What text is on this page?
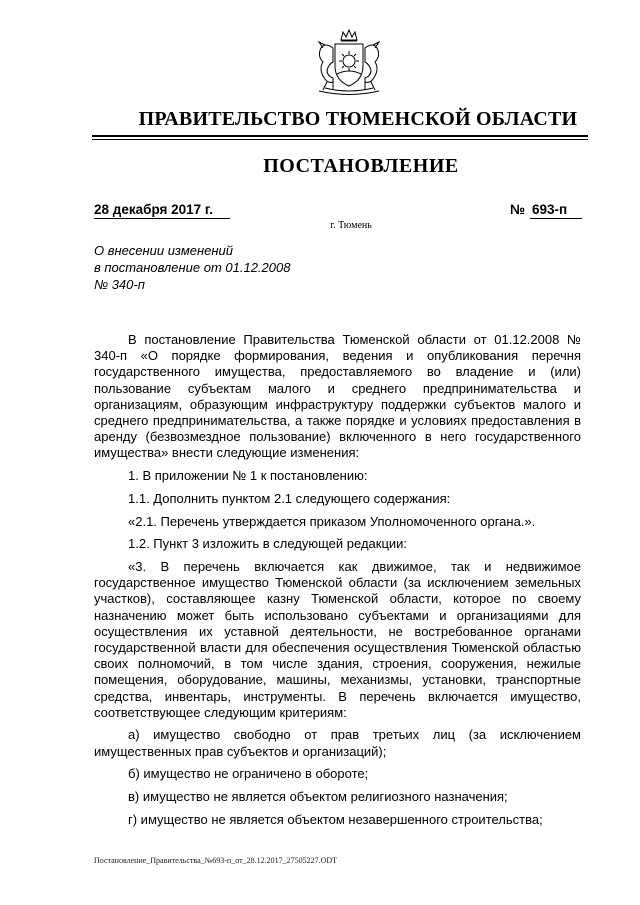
ПРАВИТЕЛЬСТВО ТЮМЕНСКОЙ ОБЛАСТИ
ПОСТАНОВЛЕНИЕ
28 декабря 2017 г.	№ 693-п
г. Тюмень
О внесении изменений
в постановление от 01.12.2008
№ 340-п

В постановление Правительства Тюменской области от 01.12.2008 № 340-п «О порядке формирования, ведения и опубликования перечня государственного имущества, предоставляемого во владение и (или) пользование субъектам малого и среднего предпринимательства и организациям, образующим инфраструктуру поддержки субъектов малого и среднего предпринимательства, а также порядке и условиях предоставления в аренду (безвозмездное пользование) включенного в него государственного имущества» внести следующие изменения:

1. В приложении № 1 к постановлению:

1.1. Дополнить пунктом 2.1 следующего содержания:

«2.1. Перечень утверждается приказом Уполномоченного органа.».

1.2. Пункт 3 изложить в следующей редакции:

«3. В перечень включается как движимое, так и недвижимое государственное имущество Тюменской области (за исключением земельных участков), составляющее казну Тюменской области, которое по своему назначению может быть использовано субъектами и организациями для осуществления их уставной деятельности, не востребованное органами государственной власти для обеспечения осуществления Тюменской областью своих полномочий, в том числе здания, строения, сооружения, нежилые помещения, оборудование, машины, механизмы, установки, транспортные средства, инвентарь, инструменты. В перечень включается имущество, соответствующее следующим критериям:

а) имущество свободно от прав третьих лиц (за исключением имущественных прав субъектов и организаций);

б) имущество не ограничено в обороте;

в) имущество не является объектом религиозного назначения;

г) имущество не является объектом незавершенного строительства;

Постановление_Правительства_№693-п_от_28.12.2017_27505227.ODT
